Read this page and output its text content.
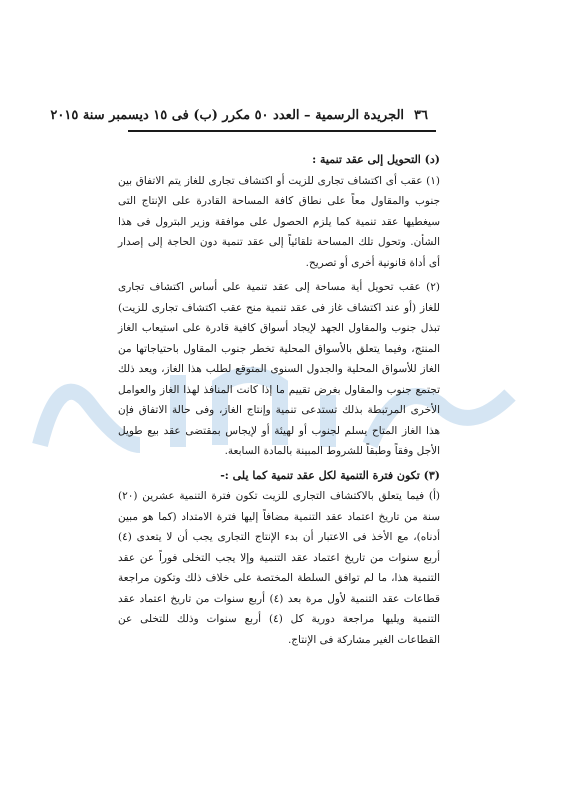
٣٦
الجريدة الرسمية – العدد ٥٠ مكرر (ب) فى ١٥ ديسمبر سنة ٢٠١٥

(د) التحويل إلى عقد تنمية :

(١) عقب أى اكتشاف تجارى للزيت أو اكتشاف تجارى للغاز يتم الاتفاق بين جنوب والمقاول معاً على نطاق كافة المساحة القادرة على الإنتاج التى سيغطيها عقد تنمية كما يلزم الحصول على موافقة وزير البترول فى هذا الشأن. وتحول تلك المساحة تلقائياً إلى عقد تنمية دون الحاجة إلى إصدار أى أداة قانونية أخرى أو تصريح.

(٢) عقب تحويل أية مساحة إلى عقد تنمية على أساس اكتشاف تجارى للغاز (أو عند اكتشاف غاز فى عقد تنمية منح عقب اكتشاف تجارى للزيت) تبذل جنوب والمقاول الجهد لإيجاد أسواق كافية قادرة على استيعاب الغاز المنتج، وفيما يتعلق بالأسواق المحلية تخطر جنوب المقاول باحتياجاتها من الغاز للأسواق المحلية والجدول السنوى المتوقع لطلب هذا الغاز، ويعد ذلك تجتمع جنوب والمقاول بغرض تقييم ما إذا كانت المنافذ لهذا الغاز والعوامل الأخرى المرتبطة بذلك تستدعى تنمية وإنتاج الغاز، وفى حالة الاتفاق فإن هذا الغاز المتاح يسلم لجنوب أو لهيئة أو لإيجاس بمقتضى عقد بيع طويل الأجل وفقاً وطبقاً للشروط المبينة بالمادة السابعة.

(٣) تكون فترة التنمية لكل عقد تنمية كما يلى :-

(أ) فيما يتعلق بالاكتشاف التجارى للزيت تكون فترة التنمية عشرين (٢٠) سنة من تاريخ اعتماد عقد التنمية مضافاً إليها فترة الامتداد (كما هو مبين أدناه)، مع الأخذ فى الاعتبار أن بدء الإنتاج التجارى يجب أن لا يتعدى (٤) أربع سنوات من تاريخ اعتماد عقد التنمية وإلا يجب التخلى فوراً عن عقد التنمية هذا، ما لم توافق السلطة المختصة على خلاف ذلك وتكون مراجعة قطاعات عقد التنمية لأول مرة بعد (٤) أربع سنوات من تاريخ اعتماد عقد التنمية ويليها مراجعة دورية كل (٤) أربع سنوات وذلك للتخلى عن القطاعات الغير مشاركة فى الإنتاج.
